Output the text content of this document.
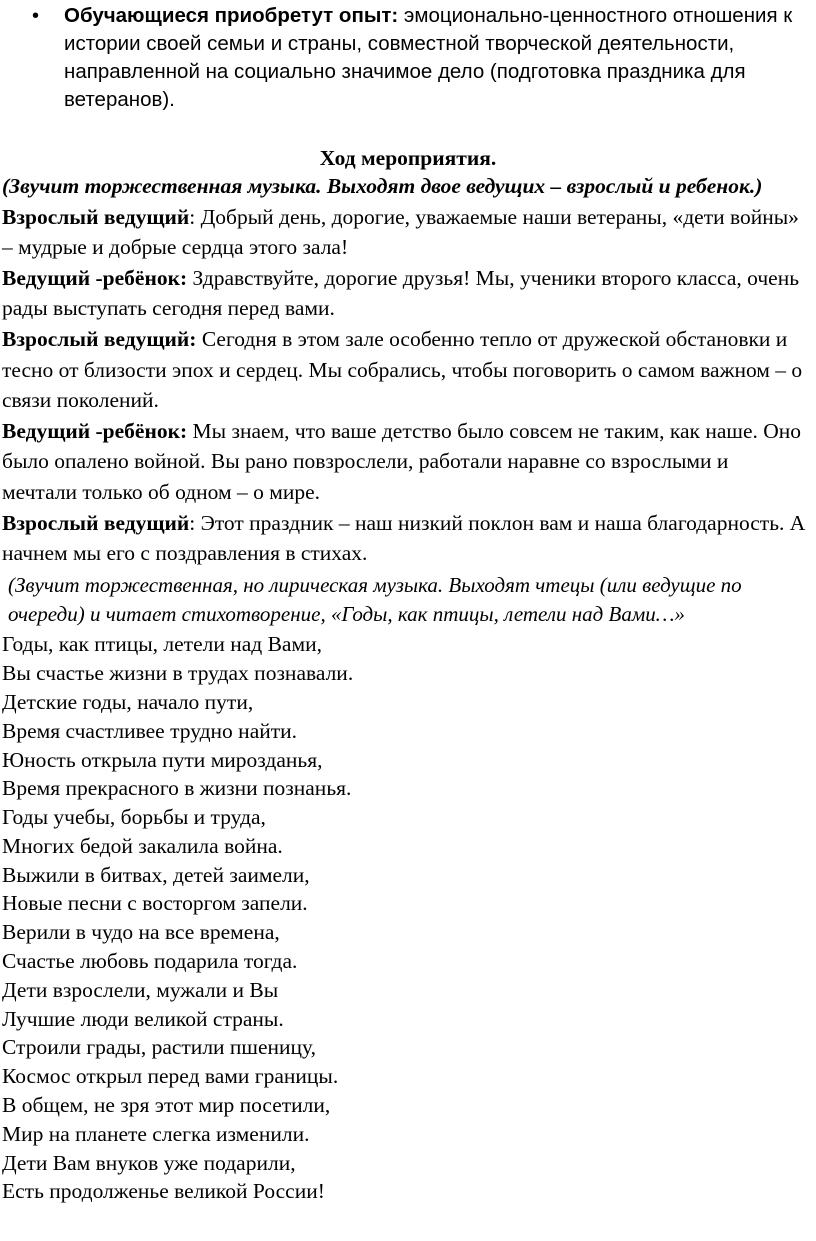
•	Обучающиеся приобретут опыт: эмоционально-ценностного отношения к истории своей семьи и страны, совместной творческой деятельности, направленной на социально значимое дело (подготовка праздника для ветеранов).
Ход мероприятия.
(Звучит торжественная музыка. Выходят двое ведущих – взрослый и ребенок.)

Взрослый ведущий: Добрый день, дорогие, уважаемые наши ветераны, «дети войны» – мудрые и добрые сердца этого зала!

Ведущий -ребёнок: Здравствуйте, дорогие друзья! Мы, ученики второго класса, очень рады выступать сегодня перед вами.

Взрослый ведущий: Сегодня в этом зале особенно тепло от дружеской обстановки и тесно от близости эпох и сердец. Мы собрались, чтобы поговорить о самом важном – о связи поколений.

Ведущий -ребёнок: Мы знаем, что ваше детство было совсем не таким, как наше. Оно было опалено войной. Вы рано повзрослели, работали наравне со взрослыми и мечтали только об одном – о мире.

Взрослый ведущий: Этот праздник – наш низкий поклон вам и наша благодарность. А начнем мы его с поздравления в стихах.

(Звучит торжественная, но лирическая музыка. Выходят чтецы (или ведущие по очереди) и читает стихотворение, «Годы, как птицы, летели над Вами…»
Годы, как птицы, летели над Вами,
Вы счастье жизни в трудах познавали.
Детские годы, начало пути,
Время счастливее трудно найти.
Юность открыла пути мирозданья,
Время прекрасного в жизни познанья.
Годы учебы, борьбы и труда,
Многих бедой закалила война.
Выжили в битвах, детей заимели,
Новые песни с восторгом запели.
Верили в чудо на все времена,
Счастье любовь подарила тогда.
Дети взрослели, мужали и Вы
Лучшие люди великой страны.
Строили грады, растили пшеницу,
Космос открыл перед вами границы.
В общем, не зря этот мир посетили,
Мир на планете слегка изменили.
Дети Вам внуков уже подарили,
Есть продолженье великой России!
